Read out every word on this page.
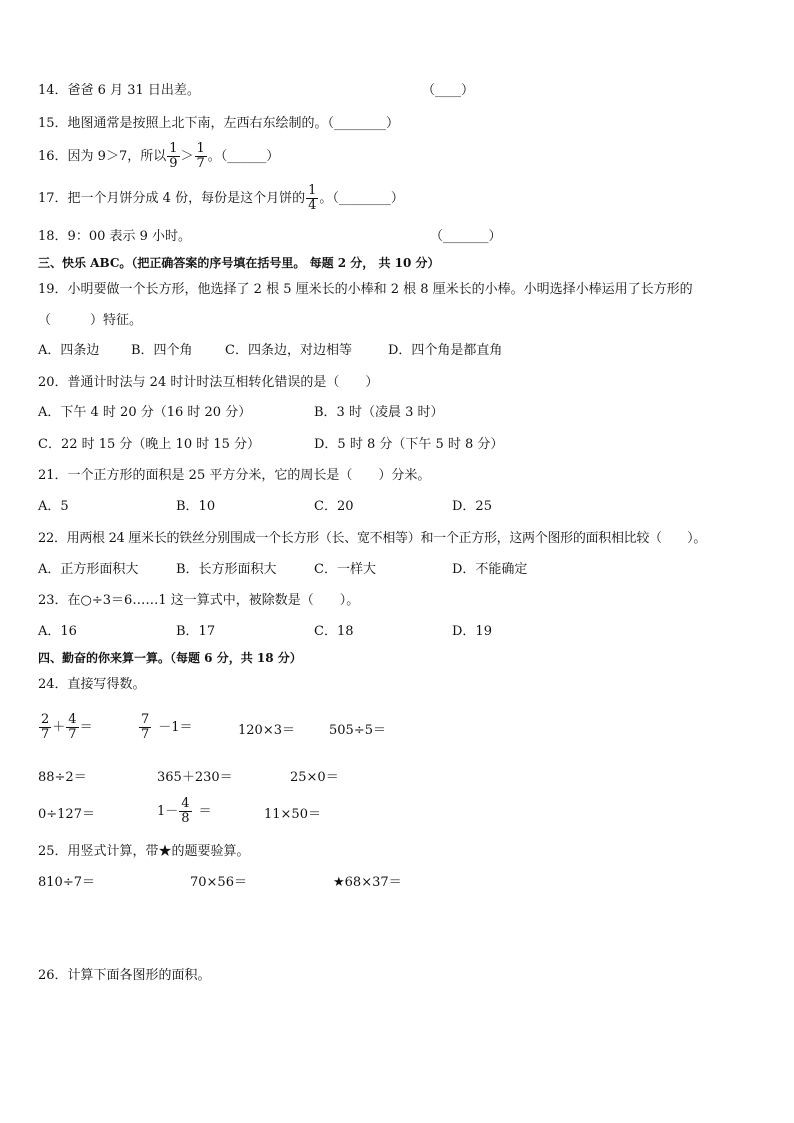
14．爸爸 6 月 31 日出差。	（____）
15．地图通常是按照上北下南，左西右东绘制的。（________）
16．因为 9＞7，所以 $\frac{1}{9} > \frac{1}{7}$ 。（______）
17．把一个月饼分成 4 份，每份是这个月饼的 $\frac{1}{4}$ 。（________）
18．9：00 表示 9 小时。	（_______）
三、快乐 ABC。（把正确答案的序号填在括号里。 每题 2 分， 共 10 分）
19．小明要做一个长方形，他选择了 2 根 5 厘米长的小棒和 2 根 8 厘米长的小棒。小明选择小棒运用了长方形的
（　　　）特征。
A．四条边 B．四个角 C．四条边，对边相等	D．四个角是都直角
20．普通计时法与 24 时计时法互相转化错误的是（　　）
A．下午 4 时 20 分（16 时 20 分）	B．3 时（凌晨 3 时）
C．22 时 15 分（晚上 10 时 15 分）	D．5 时 8 分（下午 5 时 8 分）
21．一个正方形的面积是 25 平方分米，它的周长是（　　）分米。
A．5	B．10	C．20	D．25
22．用两根 24 厘米长的铁丝分别围成一个长方形（长、宽不相等）和一个正方形，这两个图形的面积相比较（　　）。
A．正方形面积大	B．长方形面积大	C．一样大	D．不能确定
23．在○÷3＝6……1 这一算式中，被除数是（　　）。
A．16	B．17	C．18	D．19
四、勤奋的你来算一算。（每题 6 分，共 18 分）
24．直接写得数。
$\frac{2}{7} + \frac{4}{7}$ ＝	$\frac{7}{7} -1=$	120×3＝	505÷5＝
88÷2＝	365＋230＝	25×0＝
0÷127＝	$1- \frac{4}{8}$ ＝	11×50＝
25．用竖式计算，带★的题要验算。
810÷7＝	70×56＝	★68×37＝
26．计算下面各图形的面积。
